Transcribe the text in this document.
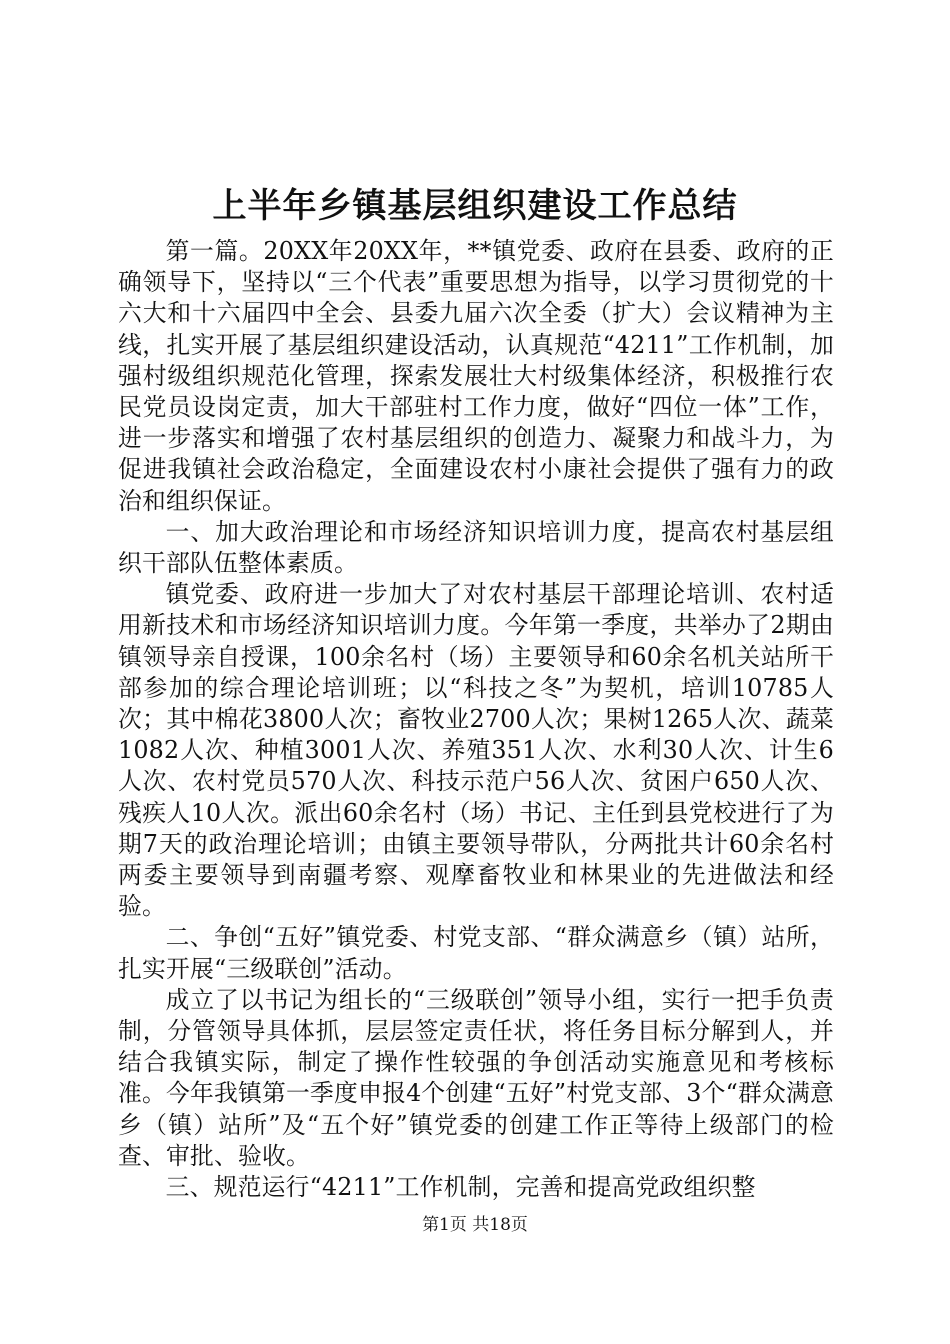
上半年乡镇基层组织建设工作总结

第一篇。20XX年20XX年，**镇党委、政府在县委、政府的正确领导下，坚持以“三个代表”重要思想为指导，以学习贯彻党的十六大和十六届四中全会、县委九届六次全委（扩大）会议精神为主线，扎实开展了基层组织建设活动，认真规范“4211”工作机制，加强村级组织规范化管理，探索发展壮大村级集体经济，积极推行农民党员设岗定责，加大干部驻村工作力度，做好“四位一体”工作，进一步落实和增强了农村基层组织的创造力、凝聚力和战斗力，为促进我镇社会政治稳定，全面建设农村小康社会提供了强有力的政治和组织保证。

一、加大政治理论和市场经济知识培训力度，提高农村基层组织干部队伍整体素质。

镇党委、政府进一步加大了对农村基层干部理论培训、农村适用新技术和市场经济知识培训力度。今年第一季度，共举办了2期由镇领导亲自授课，100余名村（场）主要领导和60余名机关站所干部参加的综合理论培训班；以“科技之冬”为契机，培训10785人次；其中棉花3800人次；畜牧业2700人次；果树1265人次、蔬菜1082人次、种植3001人次、养殖351人次、水利30人次、计生6人次、农村党员570人次、科技示范户56人次、贫困户650人次、残疾人10人次。派出60余名村（场）书记、主任到县党校进行了为期7天的政治理论培训；由镇主要领导带队，分两批共计60余名村两委主要领导到南疆考察、观摩畜牧业和林果业的先进做法和经验。

二、争创“五好”镇党委、村党支部、“群众满意乡（镇）站所，扎实开展“三级联创”活动。

成立了以书记为组长的“三级联创”领导小组，实行一把手负责制，分管领导具体抓，层层签定责任状，将任务目标分解到人，并结合我镇实际，制定了操作性较强的争创活动实施意见和考核标准。今年我镇第一季度申报4个创建“五好”村党支部、3个“群众满意乡（镇）站所”及“五个好”镇党委的创建工作正等待上级部门的检查、审批、验收。

三、规范运行“4211”工作机制，完善和提高党政组织整

第1页 共18页
